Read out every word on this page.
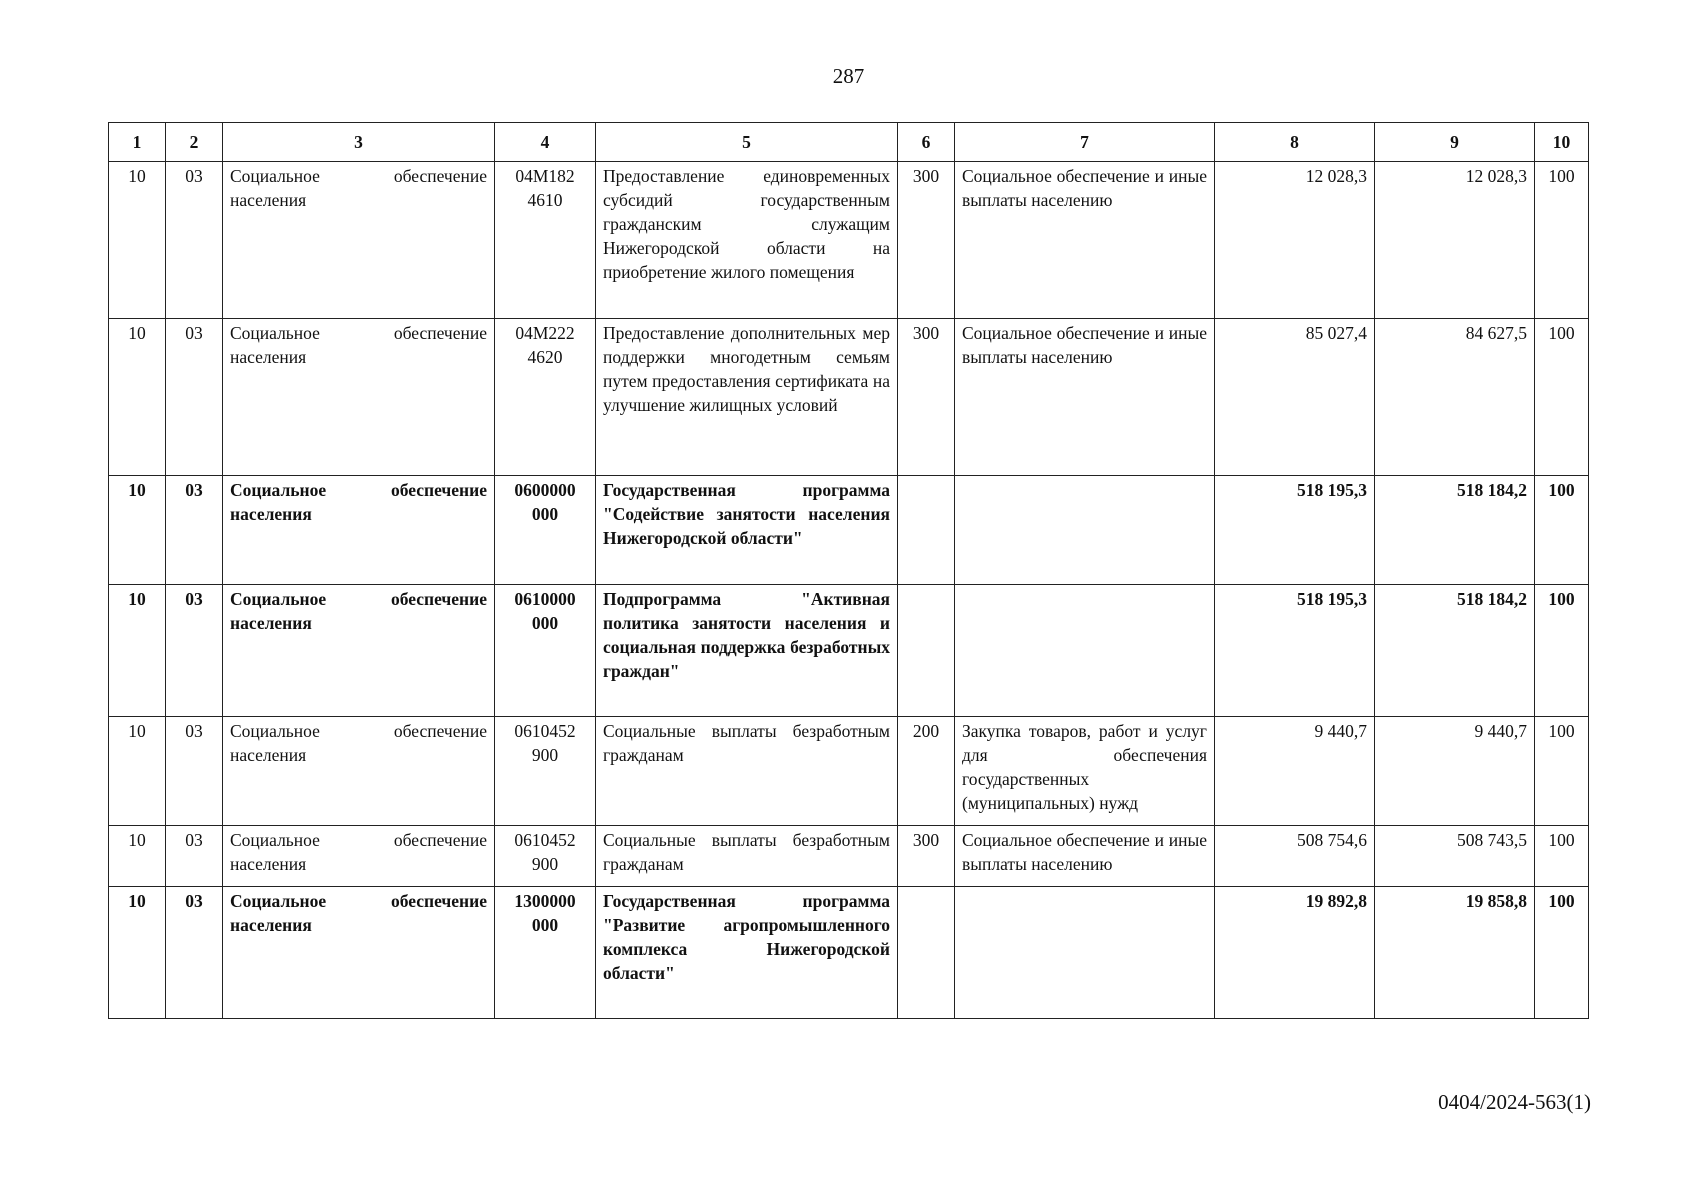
287
1	2	3	4	5	6	7	8	9	10
10	03	Социальное обеспечение населения	04М182 4610	Предоставление единовременных субсидий государственным гражданским служащим Нижегородской области на приобретение жилого помещения	300	Социальное обеспечение и иные выплаты населению	12 028,3	12 028,3	100
10	03	Социальное обеспечение населения	04М222 4620	Предоставление дополнительных мер поддержки многодетным семьям путем предоставления сертификата на улучшение жилищных условий	300	Социальное обеспечение и иные выплаты населению	85 027,4	84 627,5	100
10	03	Социальное обеспечение населения	0600000 000	Государственная программа "Содействие занятости населения Нижегородской области"			518 195,3	518 184,2	100
10	03	Социальное обеспечение населения	0610000 000	Подпрограмма "Активная политика занятости населения и социальная поддержка безработных граждан"			518 195,3	518 184,2	100
10	03	Социальное обеспечение населения	0610452 900	Социальные выплаты безработным гражданам	200	Закупка товаров, работ и услуг для обеспечения государственных (муниципальных) нужд	9 440,7	9 440,7	100
10	03	Социальное обеспечение населения	0610452 900	Социальные выплаты безработным гражданам	300	Социальное обеспечение и иные выплаты населению	508 754,6	508 743,5	100
10	03	Социальное обеспечение населения	1300000 000	Государственная программа "Развитие агропромышленного комплекса Нижегородской области"			19 892,8	19 858,8	100
0404/2024-563(1)
